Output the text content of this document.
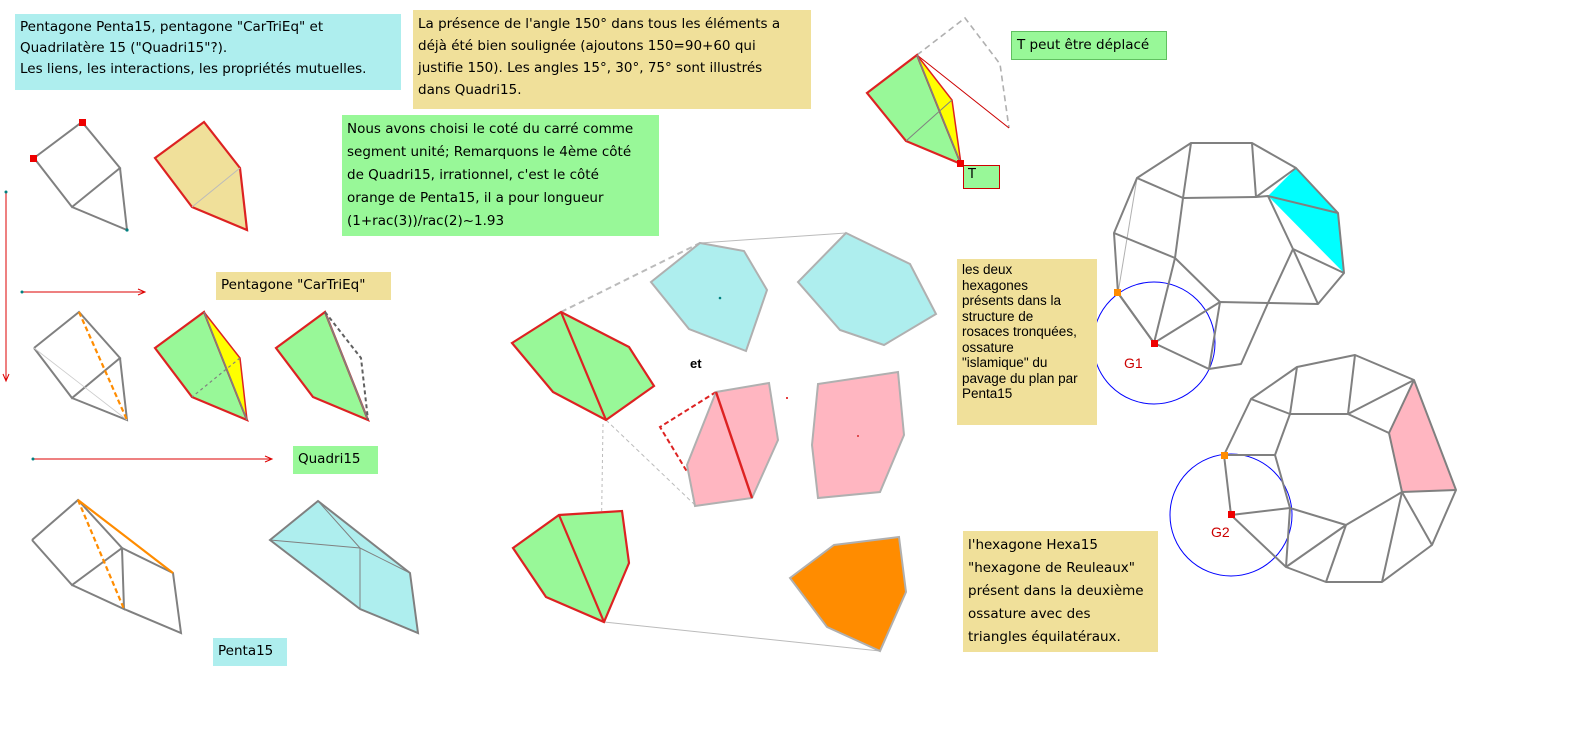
Pentagone Penta15, pentagone "CarTriEq" et
Quadrilatère 15 ("Quadri15"?).
Les liens, les interactions, les propriétés mutuelles.
La présence de l'angle 150° dans tous les éléments a
déjà été bien soulignée (ajoutons 150=90+60 qui
justifie 150). Les angles 15°, 30°, 75° sont illustrés
dans Quadri15.
T peut être déplacé
T
Nous avons choisi le coté du carré comme
segment unité; Remarquons le 4ème côté
de Quadri15, irrationnel, c'est le côté
orange de Penta15, il a pour longueur
(1+rac(3))/rac(2)~1.93
Pentagone "CarTriEq"
Quadri15
Penta15
les deux
hexagones
présents dans la
structure de
rosaces tronquées,
ossature
"islamique" du
pavage du plan par
Penta15
l'hexagone Hexa15
"hexagone de Reuleaux"
présent dans la deuxième
ossature avec des
triangles équilatéraux.
et	G1
G2
